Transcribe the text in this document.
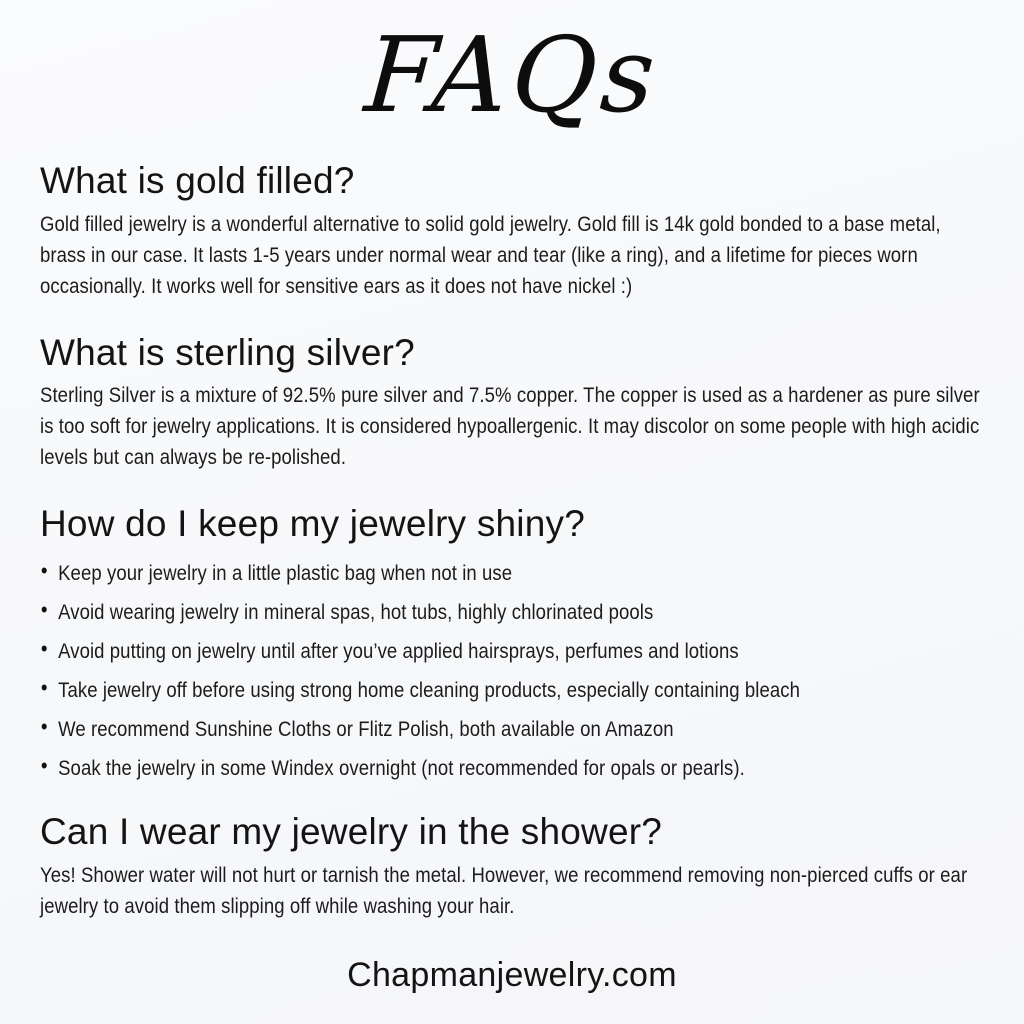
FAQs
What is gold filled?

Gold filled jewelry is a wonderful alternative to solid gold jewelry. Gold fill is 14k gold bonded to a base metal, brass in our case. It lasts 1-5 years under normal wear and tear (like a ring), and a lifetime for pieces worn occasionally. It works well for sensitive ears as it does not have nickel :)

What is sterling silver?

Sterling Silver is a mixture of 92.5% pure silver and 7.5% copper. The copper is used as a hardener as pure silver is too soft for jewelry applications. It is considered hypoallergenic. It may discolor on some people with high acidic levels but can always be re-polished.

How do I keep my jewelry shiny?
• Keep your jewelry in a little plastic bag when not in use
• Avoid wearing jewelry in mineral spas, hot tubs, highly chlorinated pools
• Avoid putting on jewelry until after you’ve applied hairsprays, perfumes and lotions
• Take jewelry off before using strong home cleaning products, especially containing bleach
• We recommend Sunshine Cloths or Flitz Polish, both available on Amazon
• Soak the jewelry in some Windex overnight (not recommended for opals or pearls).
Can I wear my jewelry in the shower?

Yes! Shower water will not hurt or tarnish the metal. However, we recommend removing non-pierced cuffs or ear jewelry to avoid them slipping off while washing your hair.

Chapmanjewelry.com
